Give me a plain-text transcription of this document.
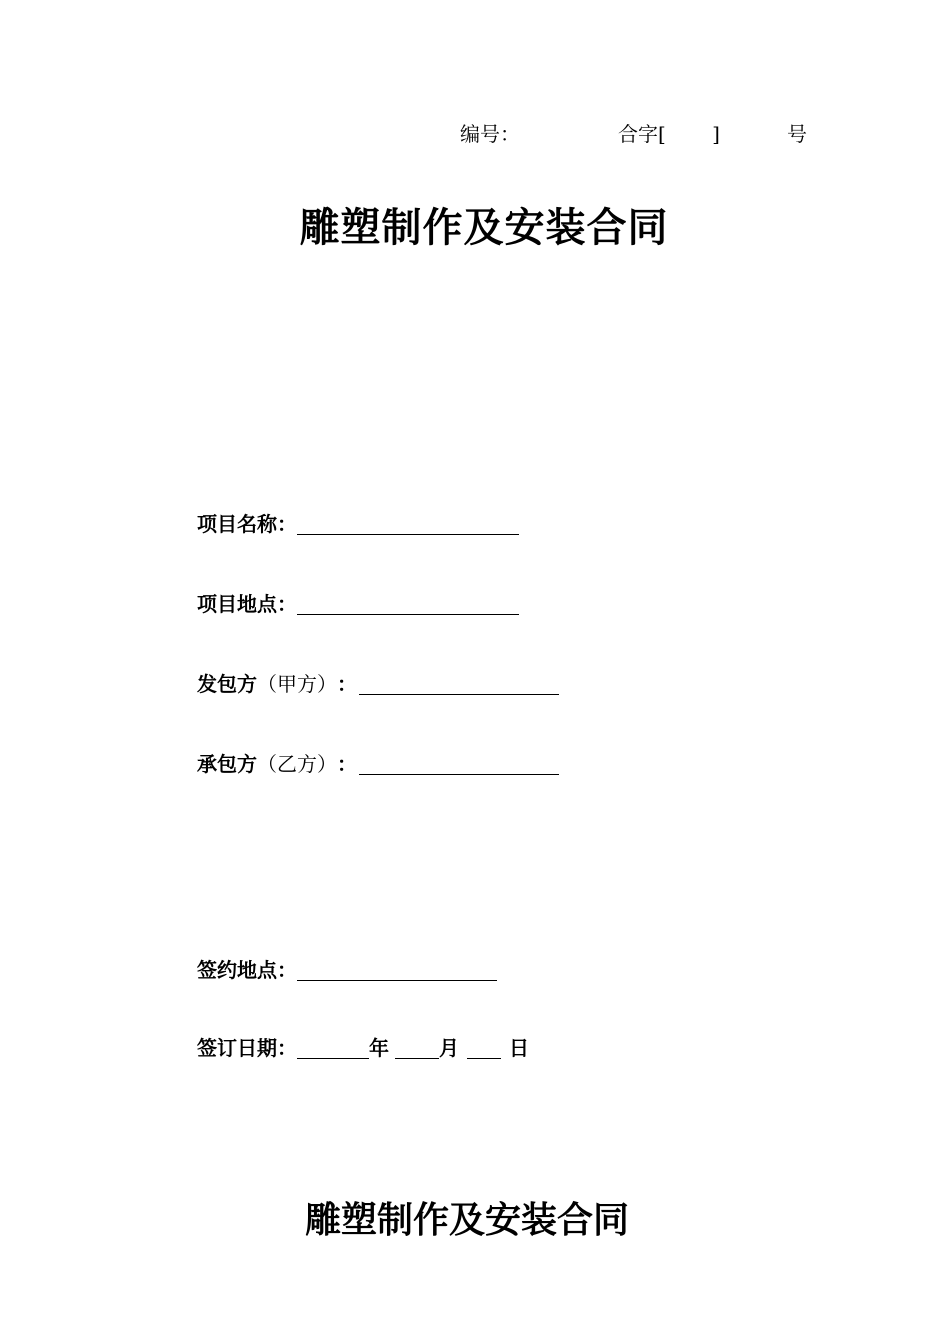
编号：	合字[　　 ]	号
雕塑制作及安装合同
项目名称：
项目地点：
发包方 （甲方） ：
承包方 （乙方） ：
签约地点：
签订日期：	年	月	日
雕塑制作及安装合同
